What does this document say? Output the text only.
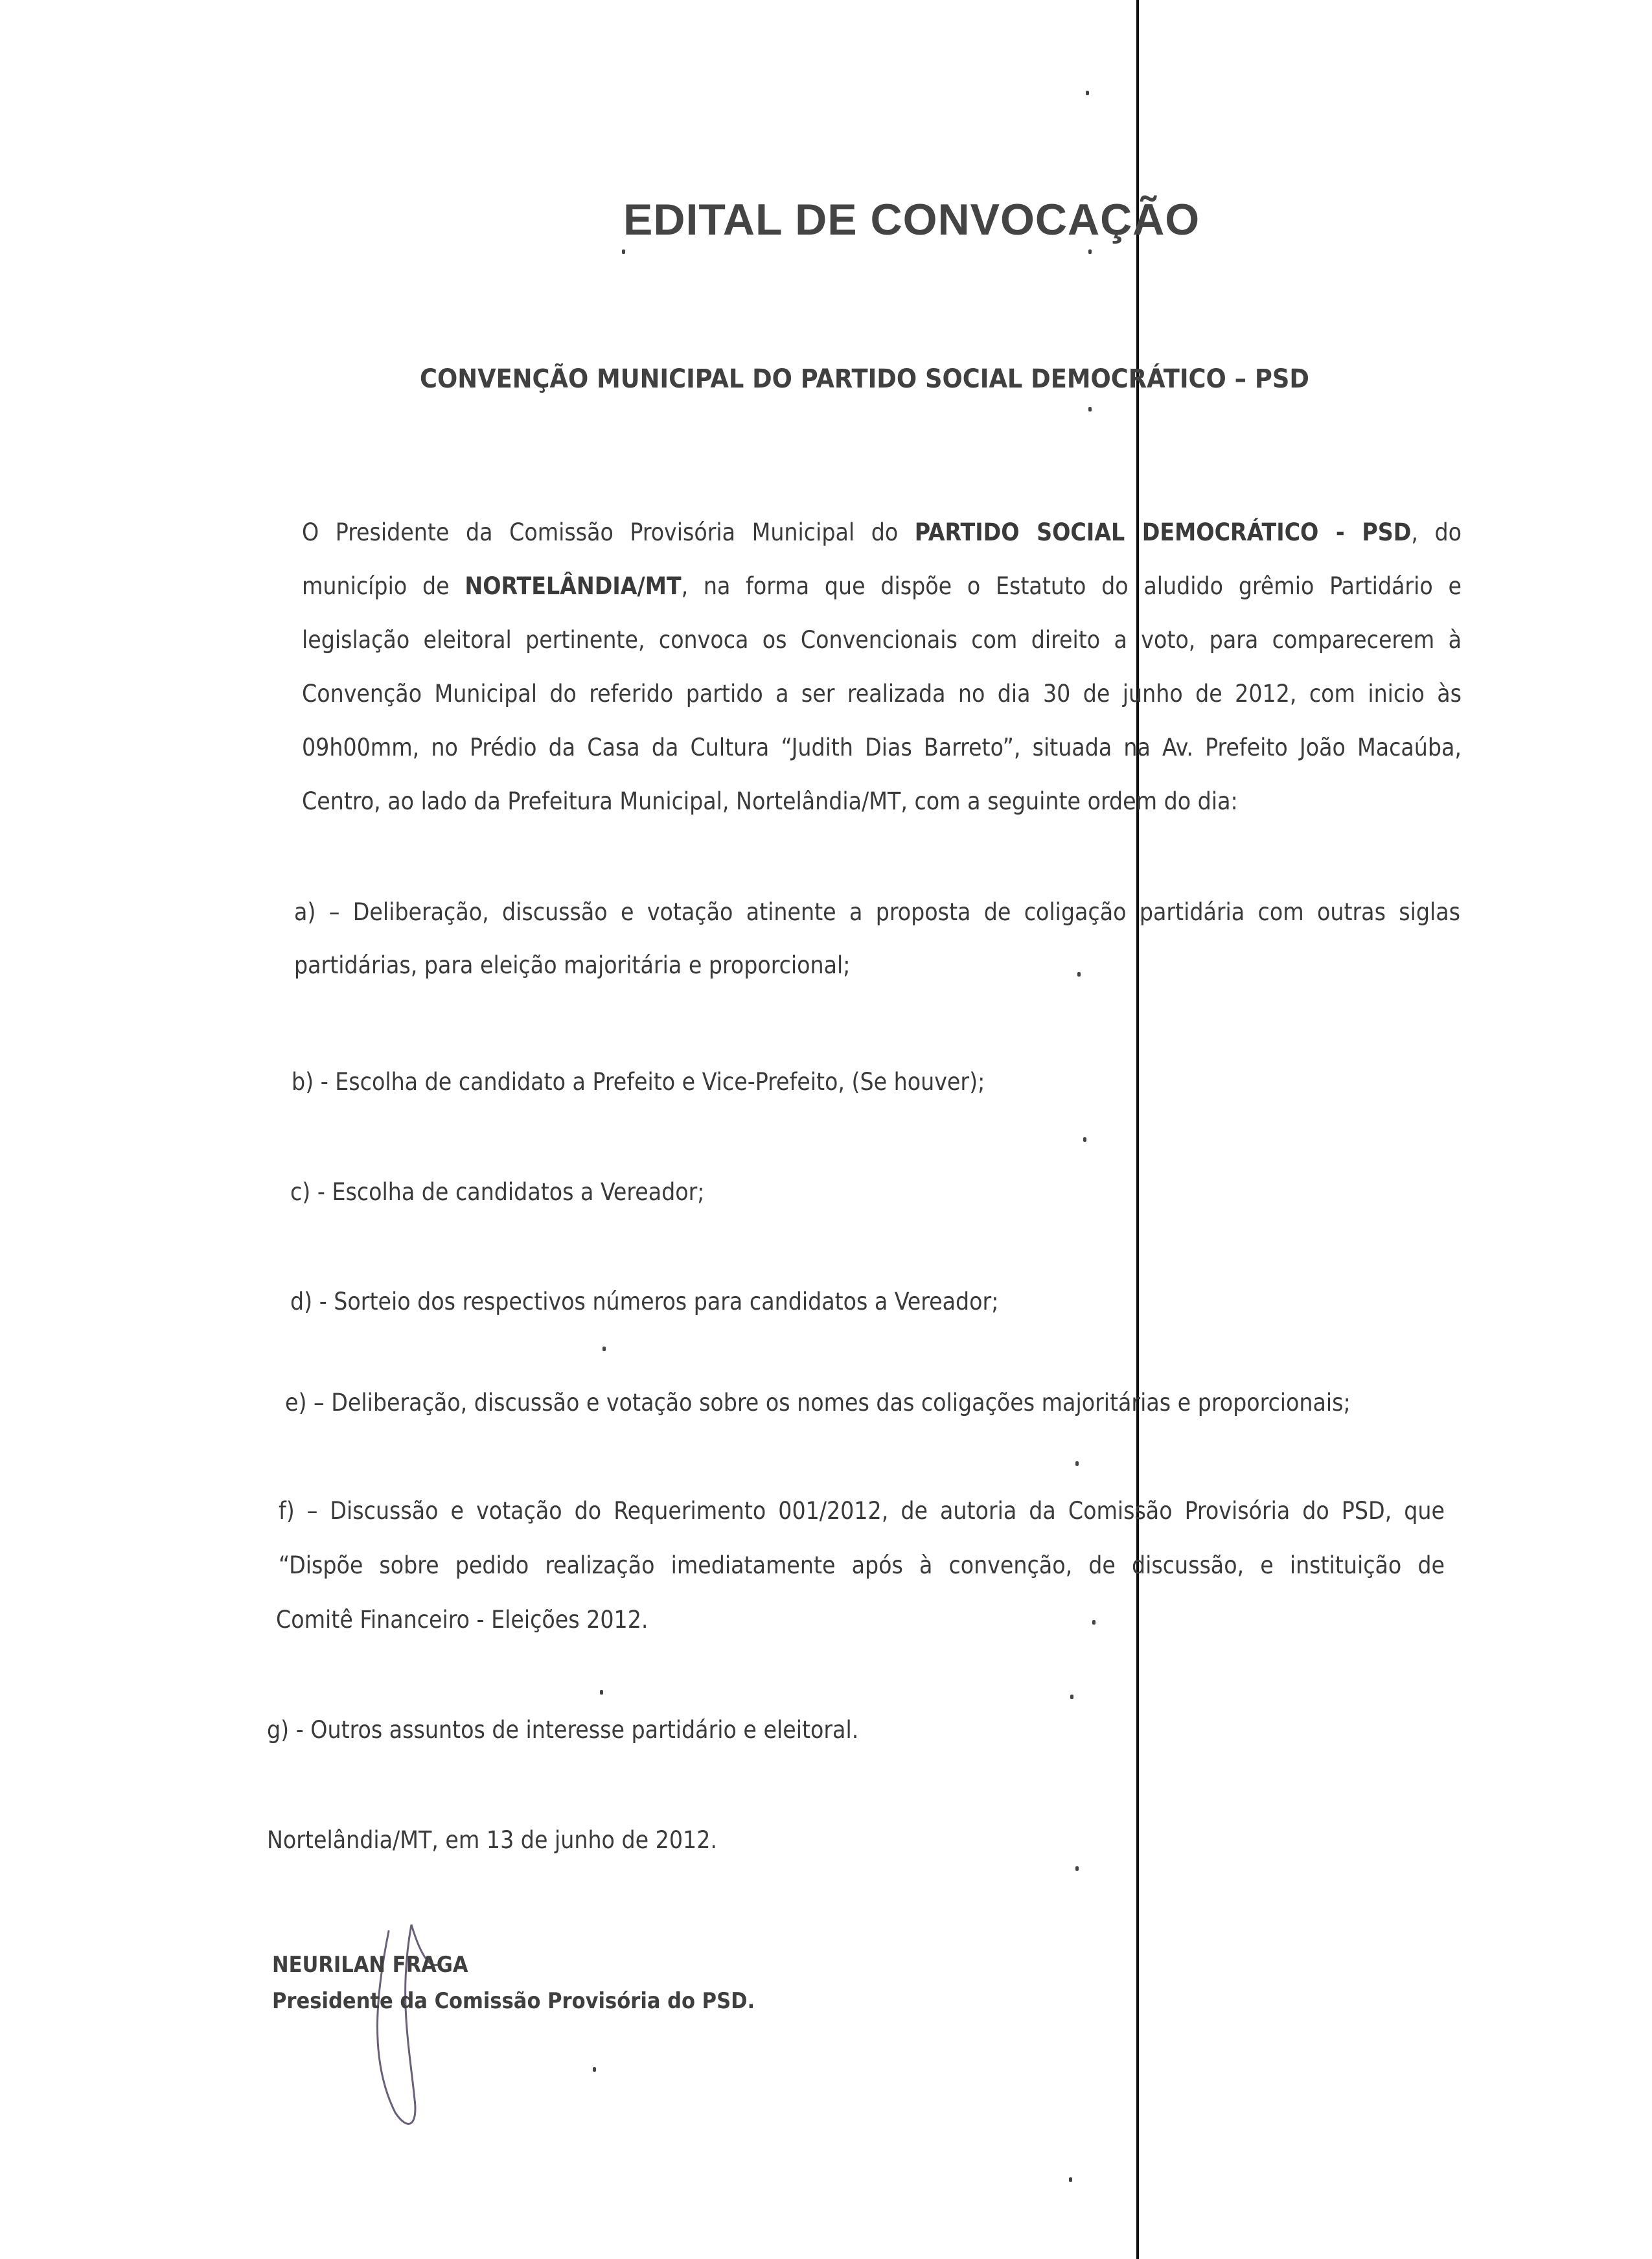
EDITAL DE CONVOCAÇÃO
CONVENÇÃO MUNICIPAL DO PARTIDO SOCIAL DEMOCRÁTICO – PSD
O Presidente da Comissão Provisória Municipal do PARTIDO SOCIAL DEMOCRÁTICO - PSD, do
município de NORTELÂNDIA/MT, na forma que dispõe o Estatuto do aludido grêmio Partidário e
legislação eleitoral pertinente, convoca os Convencionais com direito a voto, para comparecerem à
Convenção Municipal do referido partido a ser realizada no dia 30 de junho de 2012, com inicio às
09h00mm, no Prédio da Casa da Cultura “Judith Dias Barreto”, situada na Av. Prefeito João Macaúba,
Centro, ao lado da Prefeitura Municipal, Nortelândia/MT, com a seguinte ordem do dia:
a) – Deliberação, discussão e votação atinente a proposta de coligação partidária com outras siglas
partidárias, para eleição majoritária e proporcional;
b) - Escolha de candidato a Prefeito e Vice-Prefeito, (Se houver);
c) - Escolha de candidatos a Vereador;
d) - Sorteio dos respectivos números para candidatos a Vereador;
e) – Deliberação, discussão e votação sobre os nomes das coligações majoritárias e proporcionais;
f) – Discussão e votação do Requerimento 001/2012, de autoria da Comissão Provisória do PSD, que
“Dispõe sobre pedido realização imediatamente após à convenção, de discussão, e instituição de
Comitê Financeiro - Eleições 2012.
g) - Outros assuntos de interesse partidário e eleitoral.
Nortelândia/MT, em 13 de junho de 2012.
NEURILAN FRAGA
Presidente da Comissão Provisória do PSD.
